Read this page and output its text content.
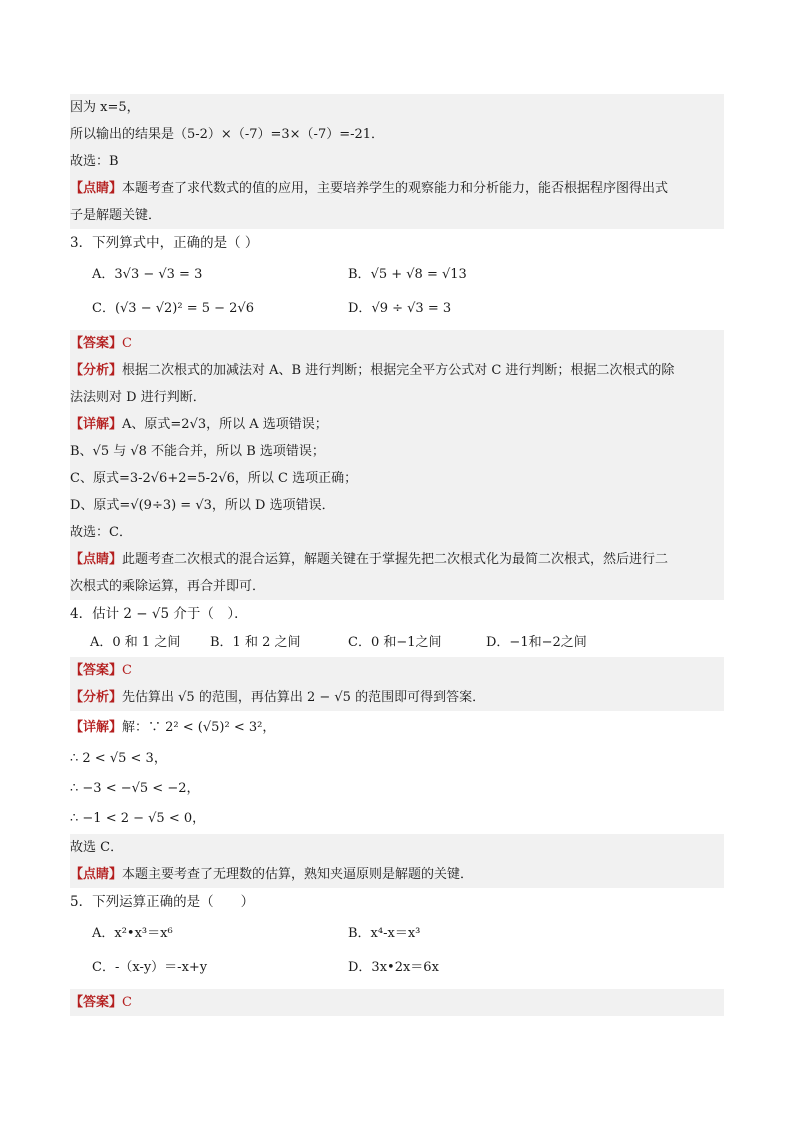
因为 x=5，
所以输出的结果是（5-2）×（-7）=3×（-7）=-21．
故选：B
【点睛】本题考查了求代数式的值的应用，主要培养学生的观察能力和分析能力，能否根据程序图得出式
子是解题关键．
3．下列算式中，正确的是（ ）
A．3√3 − √3 = 3	B．√5 + √8 = √13
C．(√3 − √2)² = 5 − 2√6	D．√9 ÷ √3 = 3
【答案】C
【分析】根据二次根式的加减法对 A、B 进行判断；根据完全平方公式对 C 进行判断；根据二次根式的除
法法则对 D 进行判断．
【详解】A、原式=2√3，所以 A 选项错误；
B、√5 与 √8 不能合并，所以 B 选项错误；
C、原式=3-2√6+2=5-2√6，所以 C 选项正确；
D、原式=√(9÷3) = √3，所以 D 选项错误．
故选：C．
【点睛】此题考查二次根式的混合运算，解题关键在于掌握先把二次根式化为最简二次根式，然后进行二
次根式的乘除运算，再合并即可．
4．估计 2 − √5 介于（　）．
A．0 和 1 之间 B．1 和 2 之间	C．0 和−1之间	D．−1和−2之间
【答案】C
【分析】先估算出 √5 的范围，再估算出 2 − √5 的范围即可得到答案．
【详解】解：∵ 2² < (√5)² < 3²，
∴ 2 < √5 < 3，
∴ −3 < −√5 < −2，
∴ −1 < 2 − √5 < 0，
故选 C．
【点睛】本题主要考查了无理数的估算，熟知夹逼原则是解题的关键．
5．下列运算正确的是（　　）
A．x²•x³＝x⁶	B．x⁴-x＝x³
C．-（x-y）＝-x+y	D．3x•2x＝6x
【答案】C
